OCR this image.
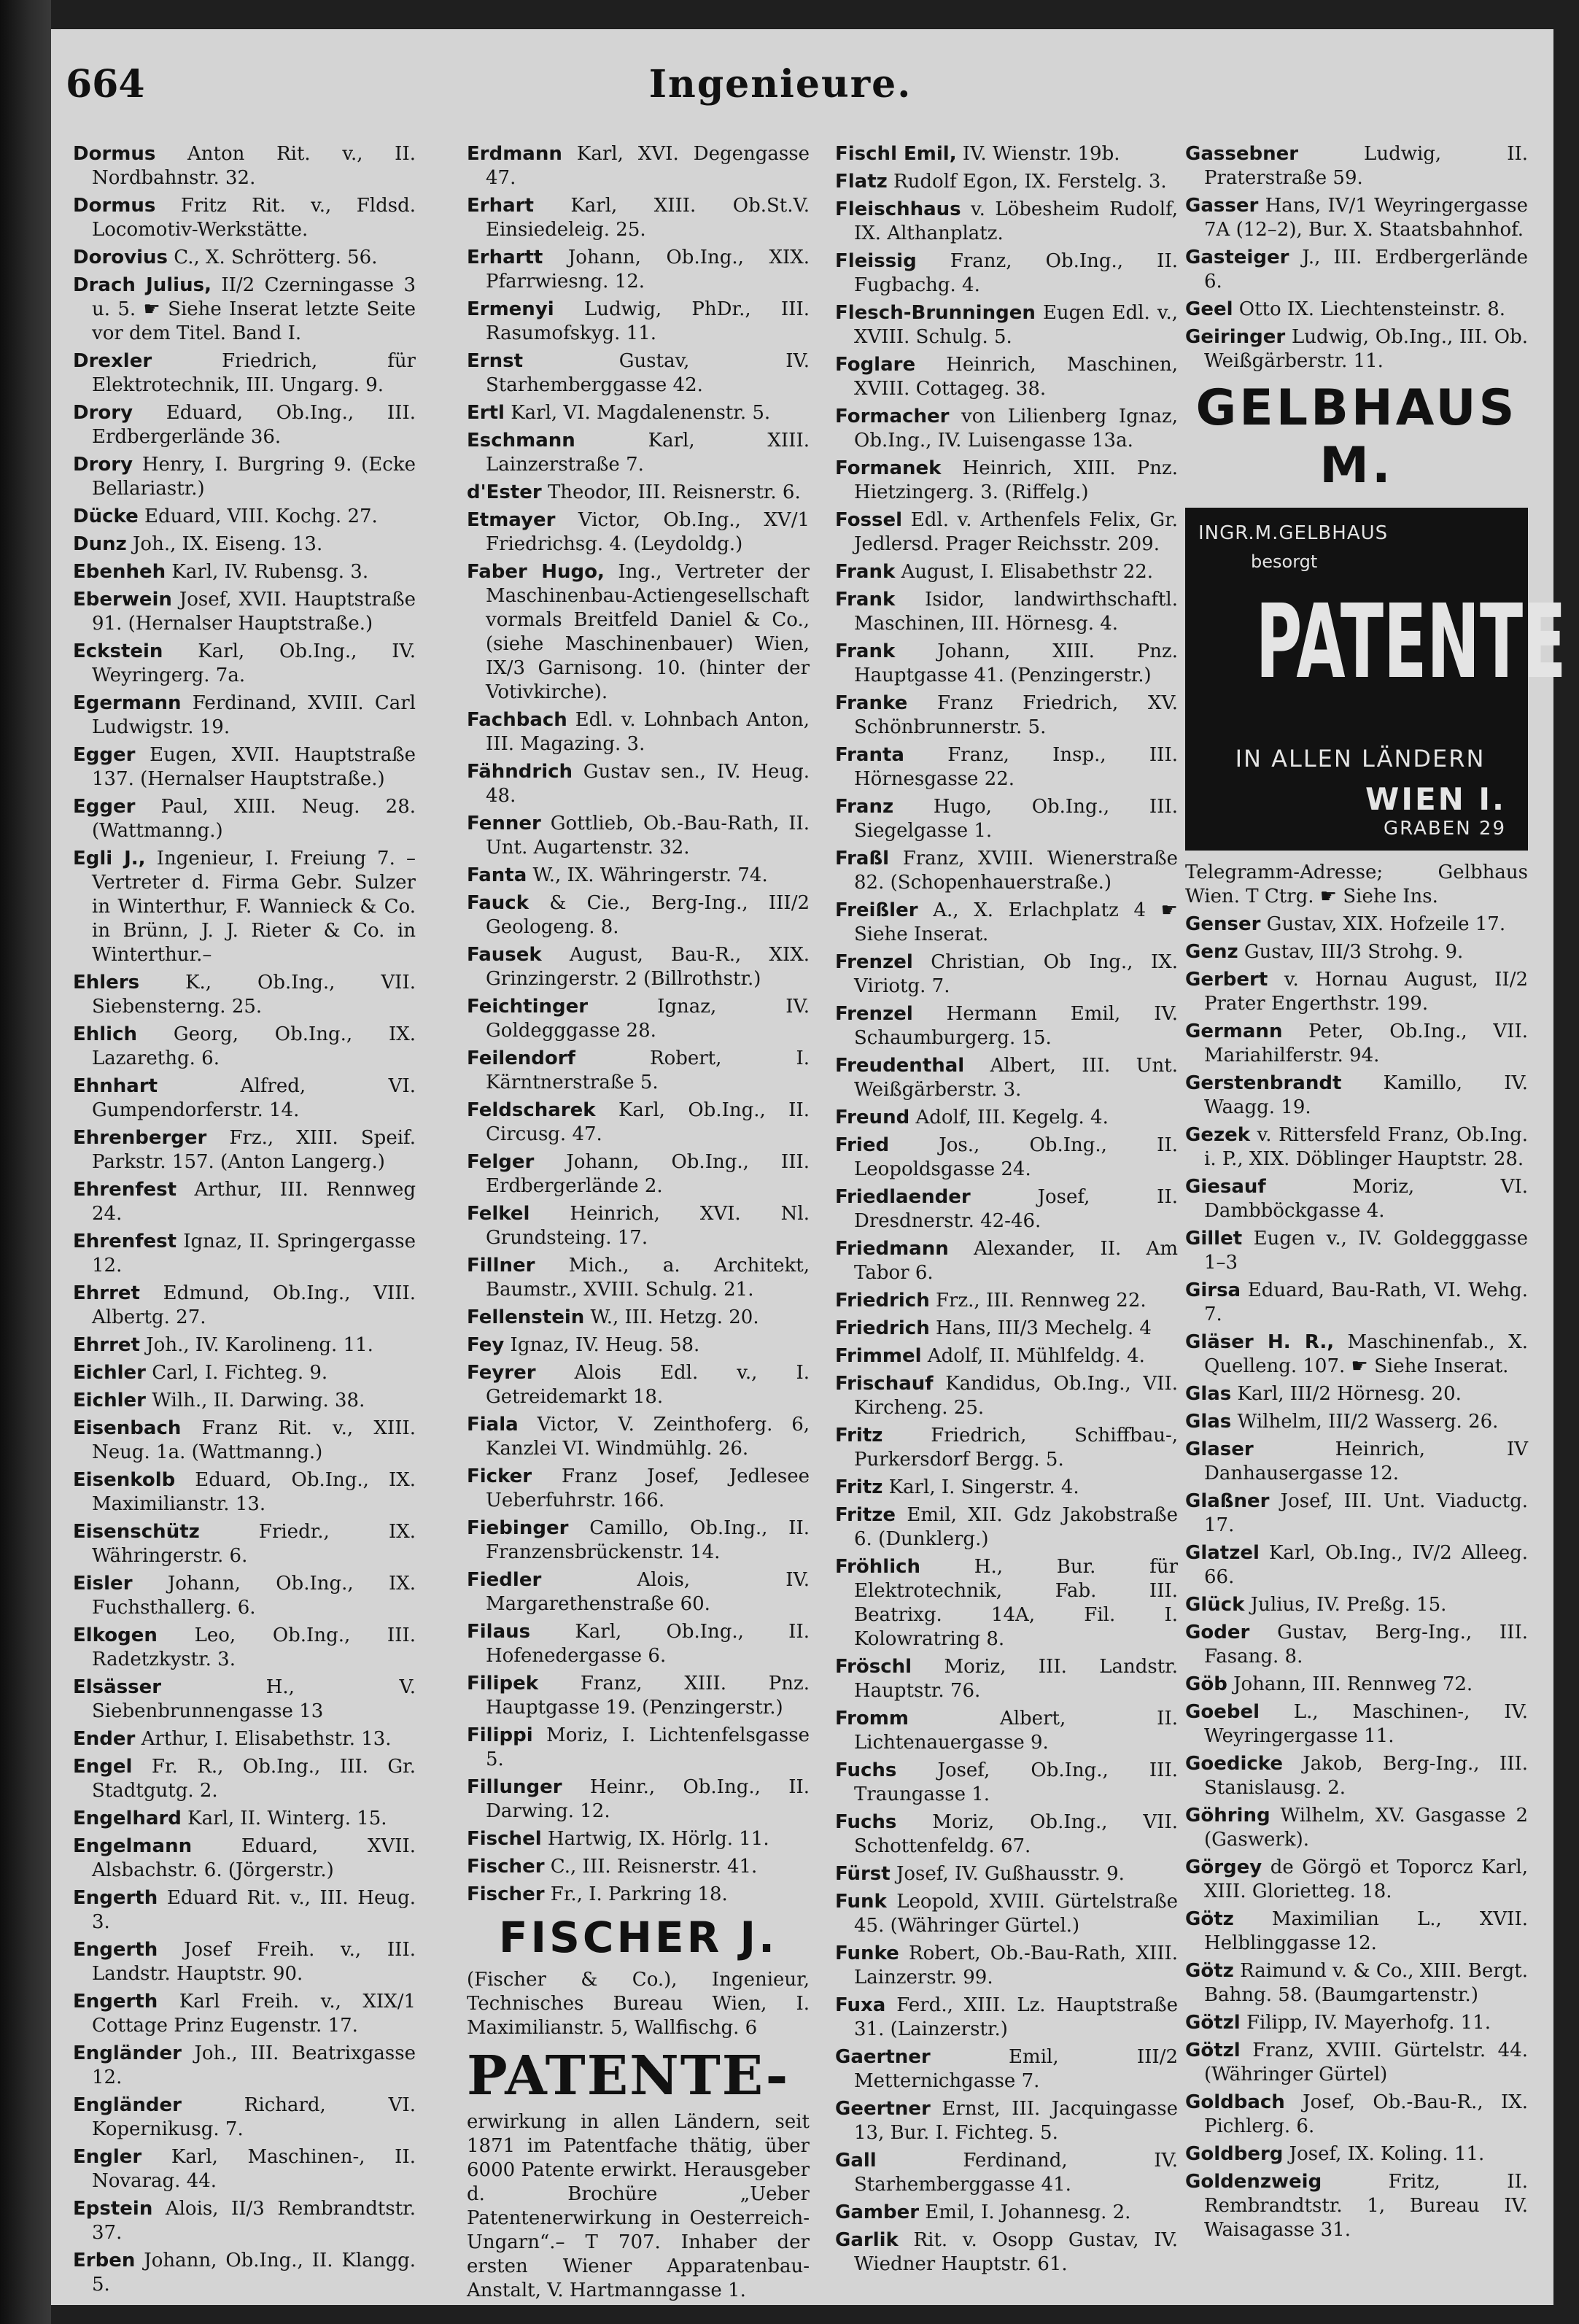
664	Ingenieure.

Dormus Anton Rit. v., II. Nordbahnstr. 32.

Dormus Fritz Rit. v., Fldsd. Locomotiv-Werkstätte.

Dorovius C., X. Schrötterg. 56.

Drach Julius, II/2 Czerningasse 3 u. 5. ☛ Siehe Inserat letzte Seite vor dem Titel. Band I.

Drexler Friedrich, für Elektrotechnik, III. Ungarg. 9.

Drory Eduard, Ob.Ing., III. Erdbergerlände 36.

Drory Henry, I. Burgring 9. (Ecke Bellariastr.)

Dücke Eduard, VIII. Kochg. 27.

Dunz Joh., IX. Eiseng. 13.

Ebenheh Karl, IV. Rubensg. 3.

Eberwein Josef, XVII. Hauptstraße 91. (Hernalser Hauptstraße.)

Eckstein Karl, Ob.Ing., IV. Weyringerg. 7a.

Egermann Ferdinand, XVIII. Carl Ludwigstr. 19.

Egger Eugen, XVII. Hauptstraße 137. (Hernalser Hauptstraße.)

Egger Paul, XIII. Neug. 28. (Wattmanng.)

Egli J., Ingenieur, I. Freiung 7. –Vertreter d. Firma Gebr. Sulzer in Winterthur, F. Wannieck & Co. in Brünn, J. J. Rieter & Co. in Winterthur.–

Ehlers K., Ob.Ing., VII. Siebensterng. 25.

Ehlich Georg, Ob.Ing., IX. Lazarethg. 6.

Ehnhart Alfred, VI. Gumpendorferstr. 14.

Ehrenberger Frz., XIII. Speif. Parkstr. 157. (Anton Langerg.)

Ehrenfest Arthur, III. Rennweg 24.

Ehrenfest Ignaz, II. Springergasse 12.

Ehrret Edmund, Ob.Ing., VIII. Albertg. 27.

Ehrret Joh., IV. Karolineng. 11.

Eichler Carl, I. Fichteg. 9.

Eichler Wilh., II. Darwing. 38.

Eisenbach Franz Rit. v., XIII. Neug. 1a. (Wattmanng.)

Eisenkolb Eduard, Ob.Ing., IX. Maximilianstr. 13.

Eisenschütz Friedr., IX. Währingerstr. 6.

Eisler Johann, Ob.Ing., IX. Fuchsthallerg. 6.

Elkogen Leo, Ob.Ing., III. Radetzkystr. 3.

Elsässer H., V. Siebenbrunnengasse 13

Ender Arthur, I. Elisabethstr. 13.

Engel Fr. R., Ob.Ing., III. Gr. Stadtgutg. 2.

Engelhard Karl, II. Winterg. 15.

Engelmann Eduard, XVII. Alsbachstr. 6. (Jörgerstr.)

Engerth Eduard Rit. v., III. Heug. 3.

Engerth Josef Freih. v., III. Landstr. Hauptstr. 90.

Engerth Karl Freih. v., XIX/1 Cottage Prinz Eugenstr. 17.

Engländer Joh., III. Beatrixgasse 12.

Engländer Richard, VI. Kopernikusg. 7.

Engler Karl, Maschinen-, II. Novarag. 44.

Epstein Alois, II/3 Rembrandtstr. 37.

Erben Johann, Ob.Ing., II. Klangg. 5.

Erdmann Karl, XVI. Degengasse 47.

Erhart Karl, XIII. Ob.St.V. Einsiedeleig. 25.

Erhartt Johann, Ob.Ing., XIX. Pfarrwiesng. 12.

Ermenyi Ludwig, PhDr., III. Rasumofskyg. 11.

Ernst Gustav, IV. Starhemberggasse 42.

Ertl Karl, VI. Magdalenenstr. 5.

Eschmann Karl, XIII. Lainzerstraße 7.

d'Ester Theodor, III. Reisnerstr. 6.

Etmayer Victor, Ob.Ing., XV/1 Friedrichsg. 4. (Leydoldg.)

Faber Hugo, Ing., Vertreter der Maschinenbau-Actiengesellschaft vormals Breitfeld Daniel & Co., (siehe Maschinenbauer) Wien, IX/3 Garnisong. 10. (hinter der Votivkirche).

Fachbach Edl. v. Lohnbach Anton, III. Magazing. 3.

Fähndrich Gustav sen., IV. Heug. 48.

Fenner Gottlieb, Ob.-Bau-Rath, II. Unt. Augartenstr. 32.

Fanta W., IX. Währingerstr. 74.

Fauck & Cie., Berg-Ing., III/2 Geologeng. 8.

Fausek August, Bau-R., XIX. Grinzingerstr. 2 (Billrothstr.)

Feichtinger Ignaz, IV. Goldegggasse 28.

Feilendorf Robert, I. Kärntnerstraße 5.

Feldscharek Karl, Ob.Ing., II. Circusg. 47.

Felger Johann, Ob.Ing., III. Erdbergerlände 2.

Felkel Heinrich, XVI. Nl. Grundsteing. 17.

Fillner Mich., a. Architekt, Baumstr., XVIII. Schulg. 21.

Fellenstein W., III. Hetzg. 20.

Fey Ignaz, IV. Heug. 58.

Feyrer Alois Edl. v., I. Getreidemarkt 18.

Fiala Victor, V. Zeinthoferg. 6, Kanzlei VI. Windmühlg. 26.

Ficker Franz Josef, Jedlesee Ueberfuhrstr. 166.

Fiebinger Camillo, Ob.Ing., II. Franzensbrückenstr. 14.

Fiedler Alois, IV. Margarethenstraße 60.

Filaus Karl, Ob.Ing., II. Hofenedergasse 6.

Filipek Franz, XIII. Pnz. Hauptgasse 19. (Penzingerstr.)

Filippi Moriz, I. Lichtenfelsgasse 5.

Fillunger Heinr., Ob.Ing., II. Darwing. 12.

Fischel Hartwig, IX. Hörlg. 11.

Fischer C., III. Reisnerstr. 41.

Fischer Fr., I. Parkring 18.

FISCHER J.
(Fischer & Co.), Ingenieur, Technisches Bureau Wien, I. Maximilianstr. 5, Wallfischg. 6
PATENTE-
erwirkung in allen Ländern, seit 1871 im Patentfache thätig, über 6000 Patente erwirkt. Herausgeber d. Brochüre „Ueber Patentenerwirkung in Oesterreich-Ungarn“.– T 707. Inhaber der ersten Wiener Apparatenbau-Anstalt, V. Hartmanngasse 1.

Fischl Emil, IV. Wienstr. 19b.

Flatz Rudolf Egon, IX. Ferstelg. 3.

Fleischhaus v. Löbesheim Rudolf, IX. Althanplatz.

Fleissig Franz, Ob.Ing., II. Fugbachg. 4.

Flesch-Brunningen Eugen Edl. v., XVIII. Schulg. 5.

Foglare Heinrich, Maschinen, XVIII. Cottageg. 38.

Formacher von Lilienberg Ignaz, Ob.Ing., IV. Luisengasse 13a.

Formanek Heinrich, XIII. Pnz. Hietzingerg. 3. (Riffelg.)

Fossel Edl. v. Arthenfels Felix, Gr. Jedlersd. Prager Reichsstr. 209.

Frank August, I. Elisabethstr 22.

Frank Isidor, landwirthschaftl. Maschinen, III. Hörnesg. 4.

Frank Johann, XIII. Pnz. Hauptgasse 41. (Penzingerstr.)

Franke Franz Friedrich, XV. Schönbrunnerstr. 5.

Franta Franz, Insp., III. Hörnesgasse 22.

Franz Hugo, Ob.Ing., III. Siegelgasse 1.

Fraßl Franz, XVIII. Wienerstraße 82. (Schopenhauerstraße.)

Freißler A., X. Erlachplatz 4 ☛ Siehe Inserat.

Frenzel Christian, Ob Ing., IX. Viriotg. 7.

Frenzel Hermann Emil, IV. Schaumburgerg. 15.

Freudenthal Albert, III. Unt. Weißgärberstr. 3.

Freund Adolf, III. Kegelg. 4.

Fried Jos., Ob.Ing., II. Leopoldsgasse 24.

Friedlaender Josef, II. Dresdnerstr. 42-46.

Friedmann Alexander, II. Am Tabor 6.

Friedrich Frz., III. Rennweg 22.

Friedrich Hans, III/3 Mechelg. 4

Frimmel Adolf, II. Mühlfeldg. 4.

Frischauf Kandidus, Ob.Ing., VII. Kircheng. 25.

Fritz Friedrich, Schiffbau-, Purkersdorf Bergg. 5.

Fritz Karl, I. Singerstr. 4.

Fritze Emil, XII. Gdz Jakobstraße 6. (Dunklerg.)

Fröhlich H., Bur. für Elektrotechnik, Fab. III. Beatrixg. 14A, Fil. I. Kolowratring 8.

Fröschl Moriz, III. Landstr. Hauptstr. 76.

Fromm Albert, II. Lichtenauergasse 9.

Fuchs Josef, Ob.Ing., III. Traungasse 1.

Fuchs Moriz, Ob.Ing., VII. Schottenfeldg. 67.

Fürst Josef, IV. Gußhausstr. 9.

Funk Leopold, XVIII. Gürtelstraße 45. (Währinger Gürtel.)

Funke Robert, Ob.-Bau-Rath, XIII. Lainzerstr. 99.

Fuxa Ferd., XIII. Lz. Hauptstraße 31. (Lainzerstr.)

Gaertner Emil, III/2 Metternichgasse 7.

Geertner Ernst, III. Jacquingasse 13, Bur. I. Fichteg. 5.

Gall Ferdinand, IV. Starhemberggasse 41.

Gamber Emil, I. Johannesg. 2.

Garlik Rit. v. Osopp Gustav, IV. Wiedner Hauptstr. 61.

Gassebner Ludwig, II. Praterstraße 59.

Gasser Hans, IV/1 Weyringergasse 7A (12–2), Bur. X. Staatsbahnhof.

Gasteiger J., III. Erdbergerlände 6.

Geel Otto IX. Liechtensteinstr. 8.

Geiringer Ludwig, Ob.Ing., III. Ob. Weißgärberstr. 11.

GELBHAUS M.
INGR.M.GELBHAUS
besorgt
PATENTE
IN ALLEN LÄNDERN
WIEN I.
GRABEN 29
Telegramm-Adresse; Gelbhaus Wien. T Ctrg. ☛ Siehe Ins.

Genser Gustav, XIX. Hofzeile 17.

Genz Gustav, III/3 Strohg. 9.

Gerbert v. Hornau August, II/2 Prater Engerthstr. 199.

Germann Peter, Ob.Ing., VII. Mariahilferstr. 94.

Gerstenbrandt Kamillo, IV. Waagg. 19.

Gezek v. Rittersfeld Franz, Ob.Ing. i. P., XIX. Döblinger Hauptstr. 28.

Giesauf Moriz, VI. Dambböckgasse 4.

Gillet Eugen v., IV. Goldegggasse 1–3

Girsa Eduard, Bau-Rath, VI. Wehg. 7.

Gläser H. R., Maschinenfab., X. Quelleng. 107. ☛ Siehe Inserat.

Glas Karl, III/2 Hörnesg. 20.

Glas Wilhelm, III/2 Wasserg. 26.

Glaser Heinrich, IV Danhausergasse 12.

Glaßner Josef, III. Unt. Viaductg. 17.

Glatzel Karl, Ob.Ing., IV/2 Alleeg. 66.

Glück Julius, IV. Preßg. 15.

Goder Gustav, Berg-Ing., III. Fasang. 8.

Göb Johann, III. Rennweg 72.

Goebel L., Maschinen-, IV. Weyringergasse 11.

Goedicke Jakob, Berg-Ing., III. Stanislausg. 2.

Göhring Wilhelm, XV. Gasgasse 2 (Gaswerk).

Görgey de Görgö et Toporcz Karl, XIII. Glorietteg. 18.

Götz Maximilian L., XVII. Helblinggasse 12.

Götz Raimund v. & Co., XIII. Bergt. Bahng. 58. (Baumgartenstr.)

Götzl Filipp, IV. Mayerhofg. 11.

Götzl Franz, XVIII. Gürtelstr. 44. (Währinger Gürtel)

Goldbach Josef, Ob.-Bau-R., IX. Pichlerg. 6.

Goldberg Josef, IX. Koling. 11.

Goldenzweig Fritz, II. Rembrandtstr. 1, Bureau IV. Waisagasse 31.
